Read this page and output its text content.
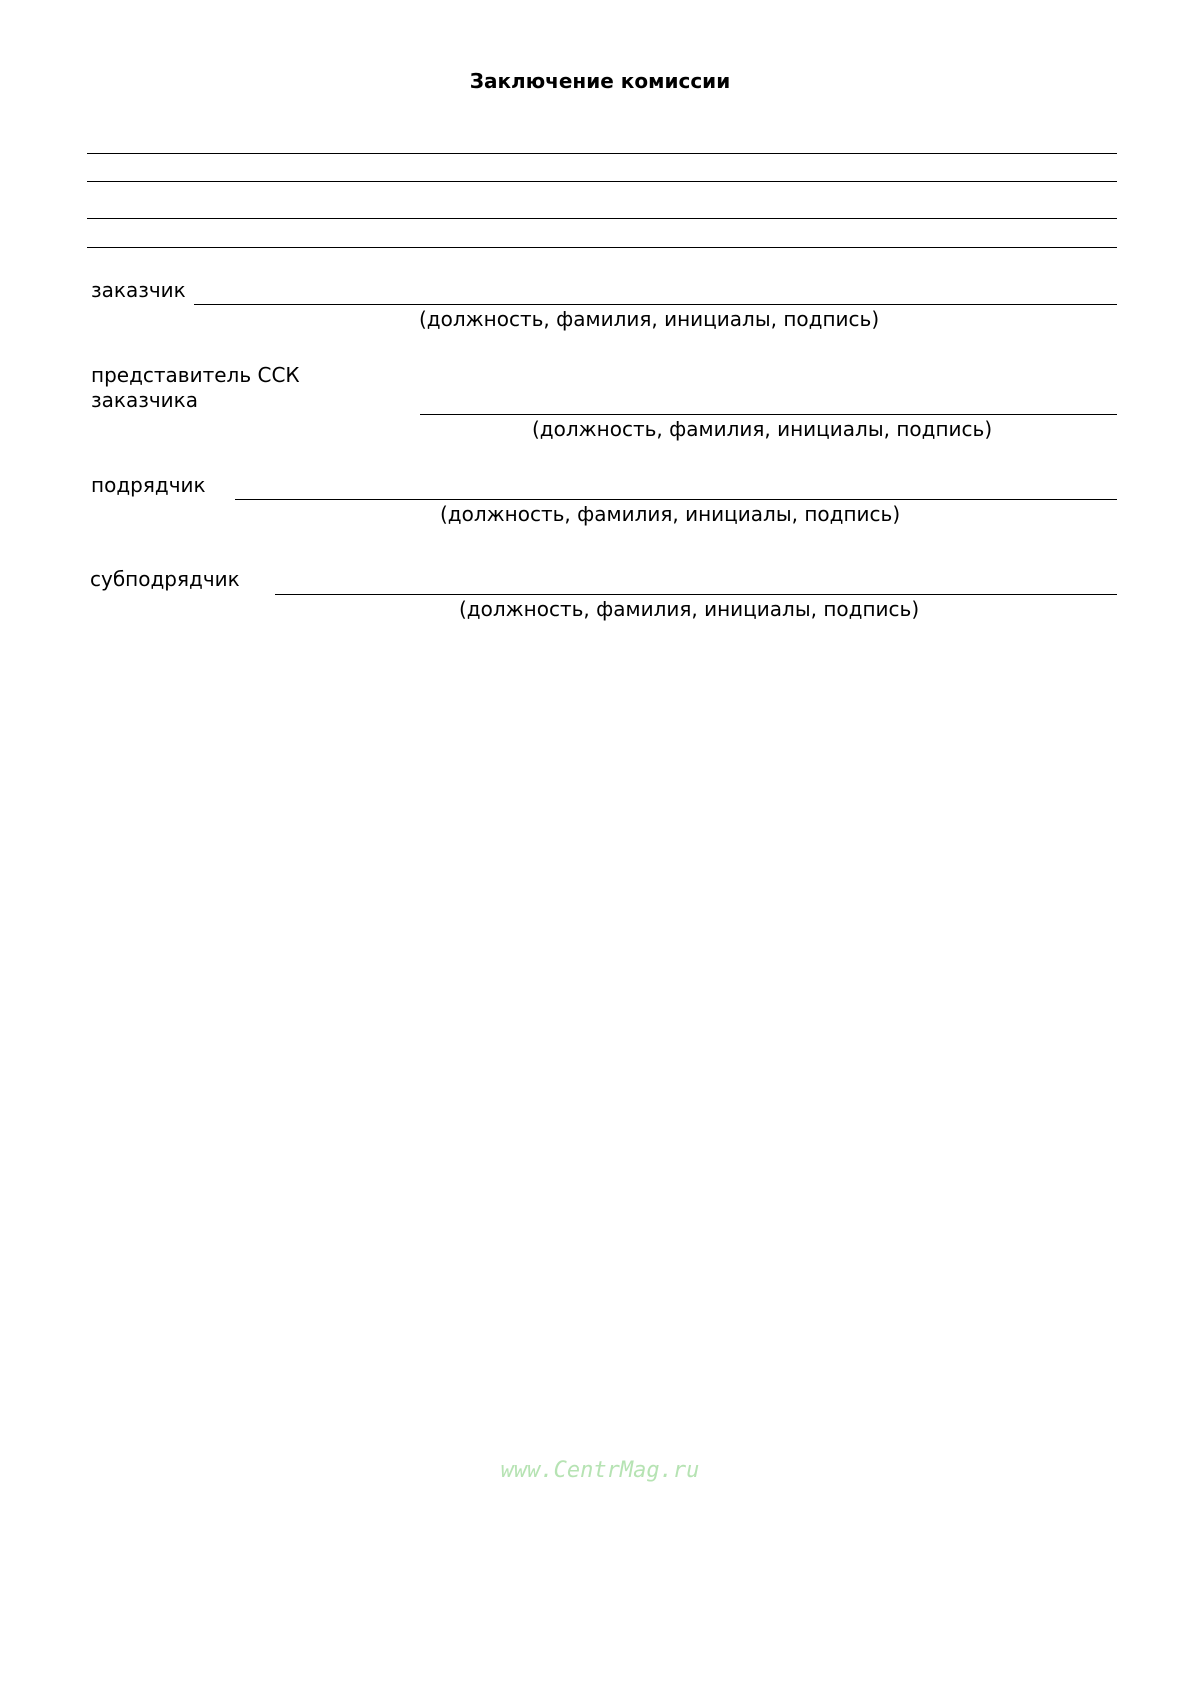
Заключение комиссии
заказчик
(должность, фамилия, инициалы, подпись)
представитель ССК
заказчика
(должность, фамилия, инициалы, подпись)
подрядчик
(должность, фамилия, инициалы, подпись)
субподрядчик
(должность, фамилия, инициалы, подпись)
www.CentrMag.ru
